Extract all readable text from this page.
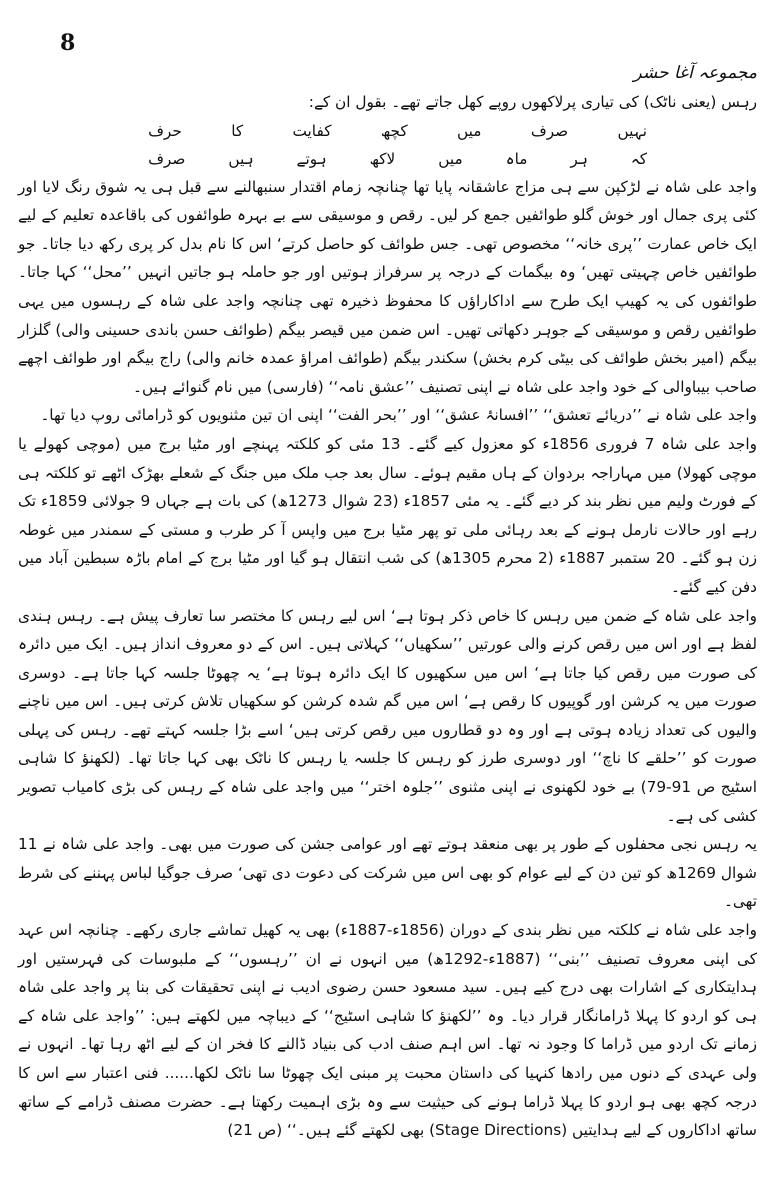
8
مجموعہ آغا حشر

رہس (یعنی ناٹک) کی تیاری پرلاکھوں روپے کھل جاتے تھے۔ بقول ان کے:

نہیں
صرف
میں
کچھ
کفایت
کا
حرف
کہ
ہر
ماہ
میں
لاکھ
ہوتے
ہیں
صرف

واجد علی شاہ نے لڑکپن سے ہی مزاج عاشقانہ پایا تھا چنانچہ زمام اقتدار سنبھالنے سے قبل ہی یہ شوق رنگ لایا اور کئی پری جمال اور خوش گلو طوائفیں جمع کر لیں۔ رقص و موسیقی سے بے بہرہ طوائفوں کی باقاعدہ تعلیم کے لیے ایک خاص عمارت ’’پری خانہ‘‘ مخصوص تھی۔ جس طوائف کو حاصل کرتے‘ اس کا نام بدل کر پری رکھ دیا جاتا۔ جو طوائفیں خاص چہیتی تھیں‘ وہ بیگمات کے درجہ پر سرفراز ہوتیں اور جو حاملہ ہو جاتیں انہیں ’’محل‘‘ کہا جاتا۔ طوائفوں کی یہ کھیپ ایک طرح سے اداکاراؤں کا محفوظ ذخیرہ تھی چنانچہ واجد علی شاہ کے رہسوں میں یہی طوائفیں رقص و موسیقی کے جوہر دکھاتی تھیں۔ اس ضمن میں قیصر بیگم (طوائف حسن باندی حسینی والی) گلزار بیگم (امیر بخش طوائف کی بیٹی کرم بخش) سکندر بیگم (طوائف امراؤ عمدہ خانم والی) راج بیگم اور طوائف اچھے صاحب بیباوالی کے خود واجد علی شاہ نے اپنی تصنیف ’’عشق نامہ‘‘ (فارسی) میں نام گنوائے ہیں۔

واجد علی شاہ نے ’’دریائے تعشق‘‘ ’’افسانۂ عشق‘‘ اور ’’بحر الفت‘‘ اپنی ان تین مثنویوں کو ڈرامائی روپ دیا تھا۔

واجد علی شاہ 7 فروری 1856ء کو معزول کیے گئے۔ 13 مئی کو کلکتہ پہنچے اور مٹیا برج میں (موچی کھولے یا موچی کھولا) میں مہاراجہ بردوان کے ہاں مقیم ہوئے۔ سال بعد جب ملک میں جنگ کے شعلے بھڑک اٹھے تو کلکتہ ہی کے فورٹ ولیم میں نظر بند کر دیے گئے۔ یہ مئی 1857ء (23 شوال 1273ھ) کی بات ہے جہاں 9 جولائی 1859ء تک رہے اور حالات نارمل ہونے کے بعد رہائی ملی تو پھر مٹیا برج میں واپس آ کر طرب و مستی کے سمندر میں غوطہ زن ہو گئے۔ 20 ستمبر 1887ء (2 محرم 1305ھ) کی شب انتقال ہو گیا اور مٹیا برج کے امام باڑہ سبطین آباد میں دفن کیے گئے۔

واجد علی شاہ کے ضمن میں رہس کا خاص ذکر ہوتا ہے‘ اس لیے رہس کا مختصر سا تعارف پیش ہے۔ رہس ہندی لفظ ہے اور اس میں رقص کرنے والی عورتیں ’’سکھیاں‘‘ کہلاتی ہیں۔ اس کے دو معروف انداز ہیں۔ ایک میں دائرہ کی صورت میں رقص کیا جاتا ہے‘ اس میں سکھیوں کا ایک دائرہ ہوتا ہے‘ یہ چھوٹا جلسہ کہا جاتا ہے۔ دوسری صورت میں یہ کرشن اور گوپیوں کا رقص ہے‘ اس میں گم شدہ کرشن کو سکھیاں تلاش کرتی ہیں۔ اس میں ناچنے والیوں کی تعداد زیادہ ہوتی ہے اور وہ دو قطاروں میں رقص کرتی ہیں‘ اسے بڑا جلسہ کہتے تھے۔ رہس کی پہلی صورت کو ’’حلقے کا ناچ‘‘ اور دوسری طرز کو رہس کا جلسہ یا رہس کا ناٹک بھی کہا جاتا تھا۔ (لکھنؤ کا شاہی اسٹیج ص 91-79) بے خود لکھنوی نے اپنی مثنوی ’’جلوہ اختر‘‘ میں واجد علی شاہ کے رہس کی بڑی کامیاب تصویر کشی کی ہے۔

یہ رہس نجی محفلوں کے طور پر بھی منعقد ہوتے تھے اور عوامی جشن کی صورت میں بھی۔ واجد علی شاہ نے 11 شوال 1269ھ کو تین دن کے لیے عوام کو بھی اس میں شرکت کی دعوت دی تھی‘ صرف جوگیا لباس پہننے کی شرط تھی۔

واجد علی شاہ نے کلکتہ میں نظر بندی کے دوران (1856ء-1887ء) بھی یہ کھیل تماشے جاری رکھے۔ چنانچہ اس عہد کی اپنی معروف تصنیف ’’بنی‘‘ (1887ء-1292ھ) میں انہوں نے ان ’’رہسوں‘‘ کے ملبوسات کی فہرستیں اور ہدایتکاری کے اشارات بھی درج کیے ہیں۔ سید مسعود حسن رضوی ادیب نے اپنی تحقیقات کی بنا پر واجد علی شاہ ہی کو اردو کا پہلا ڈرامانگار قرار دیا۔ وہ ’’لکھنؤ کا شاہی اسٹیج‘‘ کے دیباچہ میں لکھتے ہیں: ’’واجد علی شاہ کے زمانے تک اردو میں ڈراما کا وجود نہ تھا۔ اس اہم صنف ادب کی بنیاد ڈالنے کا فخر ان کے لیے اٹھ رہا تھا۔ انہوں نے ولی عہدی کے دنوں میں رادھا کنہیا کی داستان محبت پر مبنی ایک چھوٹا سا ناٹک لکھا...... فنی اعتبار سے اس کا درجہ کچھ بھی ہو اردو کا پہلا ڈراما ہونے کی حیثیت سے وہ بڑی اہمیت رکھتا ہے۔ حضرت مصنف ڈرامے کے ساتھ ساتھ اداکاروں کے لیے ہدایتیں (Stage Directions) بھی لکھتے گئے ہیں۔‘‘ (ص 21)
